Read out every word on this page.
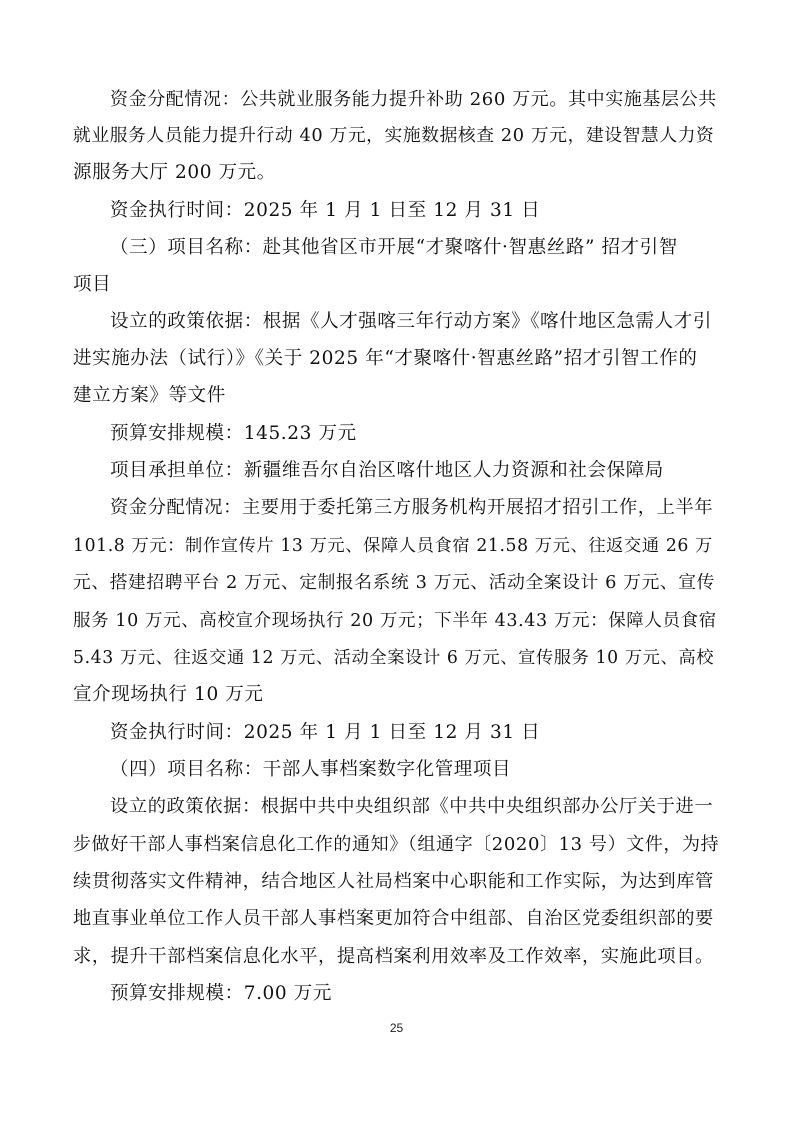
资金分配情况：公共就业服务能力提升补助 260 万元。其中实施基层公共
就业服务人员能力提升行动 40 万元，实施数据核查 20 万元，建设智慧人力资
源服务大厅 200 万元。
资金执行时间：2025 年 1 月 1 日至 12 月 31 日
（三）项目名称：赴其他省区市开展“才聚喀什·智惠丝路” 招才引智
项目
设立的政策依据：根据《人才强喀三年行动方案》《喀什地区急需人才引
进实施办法（试行）》《关于 2025 年“才聚喀什·智惠丝路”招才引智工作的
建立方案》等文件
预算安排规模：145.23 万元
项目承担单位：新疆维吾尔自治区喀什地区人力资源和社会保障局
资金分配情况：主要用于委托第三方服务机构开展招才招引工作，上半年
101.8 万元：制作宣传片 13 万元、保障人员食宿 21.58 万元、往返交通 26 万
元、搭建招聘平台 2 万元、定制报名系统 3 万元、活动全案设计 6 万元、宣传
服务 10 万元、高校宣介现场执行 20 万元；下半年 43.43 万元：保障人员食宿
5.43 万元、往返交通 12 万元、活动全案设计 6 万元、宣传服务 10 万元、高校
宣介现场执行 10 万元
资金执行时间：2025 年 1 月 1 日至 12 月 31 日
（四）项目名称：干部人事档案数字化管理项目
设立的政策依据：根据中共中央组织部《中共中央组织部办公厅关于进一
步做好干部人事档案信息化工作的通知》（组通字〔2020〕13 号）文件，为持
续贯彻落实文件精神，结合地区人社局档案中心职能和工作实际，为达到库管
地直事业单位工作人员干部人事档案更加符合中组部、自治区党委组织部的要
求，提升干部档案信息化水平，提高档案利用效率及工作效率，实施此项目。
预算安排规模：7.00 万元
25
